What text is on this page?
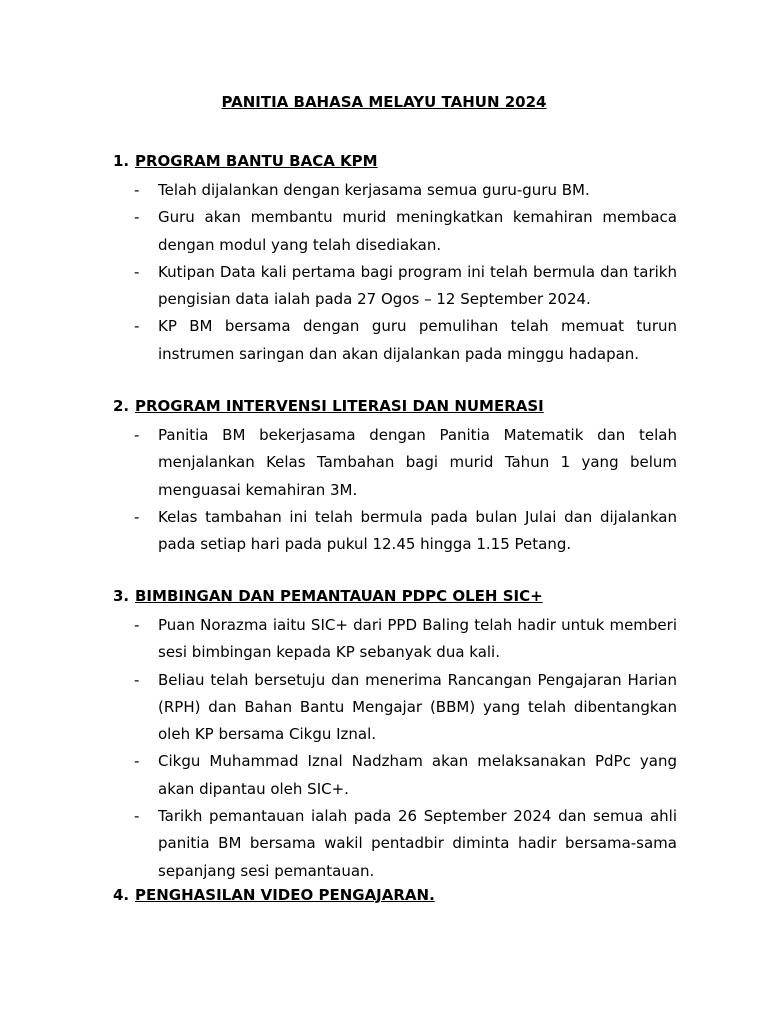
PANITIA BAHASA MELAYU TAHUN 2024
1. PROGRAM BANTU BACA KPM
- Telah dijalankan dengan kerjasama semua guru-guru BM.
- Guru akan membantu murid meningkatkan kemahiran membaca dengan modul yang telah disediakan.
- Kutipan Data kali pertama bagi program ini telah bermula dan tarikh pengisian data ialah pada 27 Ogos – 12 September 2024.
- KP BM bersama dengan guru pemulihan telah memuat turun instrumen saringan dan akan dijalankan pada minggu hadapan.
2. PROGRAM INTERVENSI LITERASI DAN NUMERASI
- Panitia BM bekerjasama dengan Panitia Matematik dan telah menjalankan Kelas Tambahan bagi murid Tahun 1 yang belum menguasai kemahiran 3M.
- Kelas tambahan ini telah bermula pada bulan Julai dan dijalankan pada setiap hari pada pukul 12.45 hingga 1.15 Petang.
3. BIMBINGAN DAN PEMANTAUAN PDPC OLEH SIC+
- Puan Norazma iaitu SIC+ dari PPD Baling telah hadir untuk memberi sesi bimbingan kepada KP sebanyak dua kali.
- Beliau telah bersetuju dan menerima Rancangan Pengajaran Harian (RPH) dan Bahan Bantu Mengajar (BBM) yang telah dibentangkan oleh KP bersama Cikgu Iznal.
- Cikgu Muhammad Iznal Nadzham akan melaksanakan PdPc yang akan dipantau oleh SIC+.
- Tarikh pemantauan ialah pada 26 September 2024 dan semua ahli panitia BM bersama wakil pentadbir diminta hadir bersama-sama sepanjang sesi pemantauan.
4. PENGHASILAN VIDEO PENGAJARAN.
